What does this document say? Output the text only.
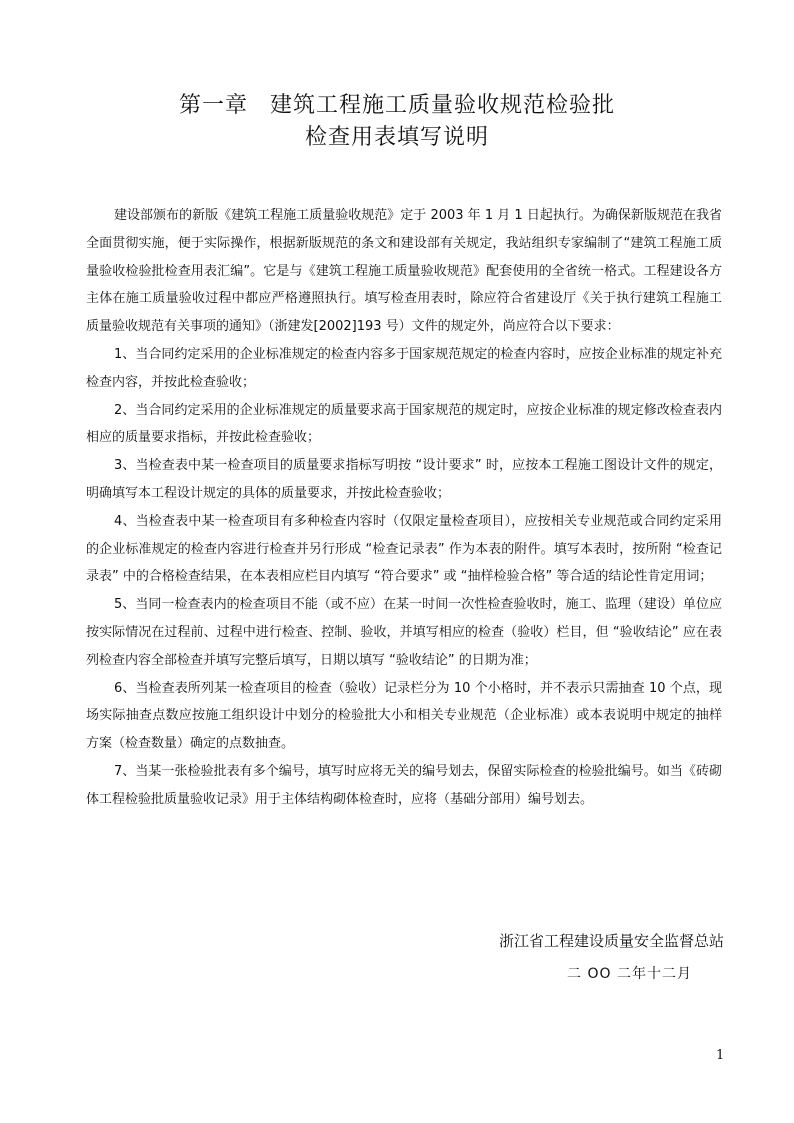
第一章 建筑工程施工质量验收规范检验批
检查用表填写说明

建设部颁布的新版《建筑工程施工质量验收规范》定于 2003 年 1 月 1 日起执行。为确保新版规范在我省全面贯彻实施，便于实际操作，根据新版规范的条文和建设部有关规定，我站组织专家编制了“建筑工程施工质量验收检验批检查用表汇编”。它是与《建筑工程施工质量验收规范》配套使用的全省统一格式。工程建设各方主体在施工质量验收过程中都应严格遵照执行。填写检查用表时，除应符合省建设厅《关于执行建筑工程施工质量验收规范有关事项的通知》（浙建发[2002]193 号）文件的规定外，尚应符合以下要求：

1、当合同约定采用的企业标准规定的检查内容多于国家规范规定的检查内容时，应按企业标准的规定补充检查内容，并按此检查验收；

2、当合同约定采用的企业标准规定的质量要求高于国家规范的规定时，应按企业标准的规定修改检查表内相应的质量要求指标，并按此检查验收；

3、当检查表中某一检查项目的质量要求指标写明按 “设计要求” 时，应按本工程施工图设计文件的规定，明确填写本工程设计规定的具体的质量要求，并按此检查验收；

4、当检查表中某一检查项目有多种检查内容时（仅限定量检查项目），应按相关专业规范或合同约定采用的企业标准规定的检查内容进行检查并另行形成 “检查记录表” 作为本表的附件。填写本表时，按所附 “检查记录表” 中的合格检查结果，在本表相应栏目内填写 “符合要求” 或 “抽样检验合格” 等合适的结论性肯定用词；

5、当同一检查表内的检查项目不能（或不应）在某一时间一次性检查验收时，施工、监理（建设）单位应按实际情况在过程前、过程中进行检查、控制、验收，并填写相应的检查（验收）栏目，但 “验收结论” 应在表列检查内容全部检查并填写完整后填写，日期以填写 “验收结论” 的日期为准；

6、当检查表所列某一检查项目的检查（验收）记录栏分为 10 个小格时，并不表示只需抽查 10 个点，现场实际抽查点数应按施工组织设计中划分的检验批大小和相关专业规范（企业标准）或本表说明中规定的抽样方案（检查数量）确定的点数抽查。

7、当某一张检验批表有多个编号，填写时应将无关的编号划去，保留实际检查的检验批编号。如当《砖砌体工程检验批质量验收记录》用于主体结构砌体检查时，应将（基础分部用）编号划去。

浙江省工程建设质量安全监督总站
二 OO 二年十二月
1
